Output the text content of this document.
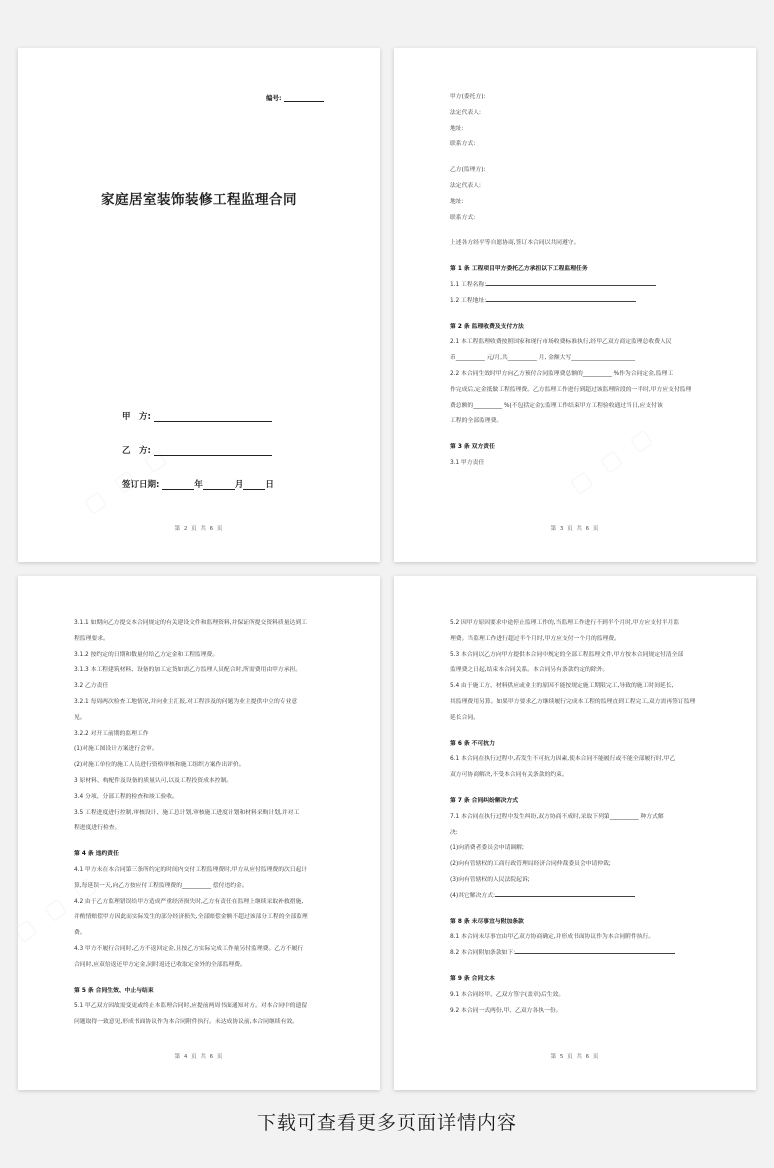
编号:
家庭居室装饰装修工程监理合同
甲　方:
乙　方:
签订日期:	年	月	日
第 2 页 共 6 页

甲方(委托方):

法定代表人:

地址:

联系方式:

乙方(监理方):

法定代表人:

地址:

联系方式:

上述各方经平等自愿协商,签订本合同以共同遵守。

第 1 条 工程项目甲方委托乙方承担以下工程监理任务

1.1 工程名称:

1.2 工程地址:

第 2 条 监理收费及支付方法

2.1 本工程监理收费按照国家和现行市场收费标准执行,经甲乙双方商定监理总收费人民

币__________ 元/月,共__________ 月, 金额大写______________________

2.2 本合同生效时甲方向乙方预付合同监理费总额的__________ %作为合同定金,监理工

作完成后,定金抵做工程监理费。乙方监理工作进行到超过该监理阶段的一半时,甲方应支付监理

费总额的__________ %(不包括定金);监理工作结束甲方工程验收通过当日,应支付该

工程的全部监理费。

第 3 条 双方责任

3.1 甲方责任

第 3 页 共 6 页

3.1.1 如期向乙方提交本合同规定的有关建设文件和监理资料,并保证所提交资料质量达到工

程监理要求。

3.1.2 按约定的日期和数量付给乙方定金和工程监理费。

3.1.3 本工程建筑材料、设备的加工定货如需乙方监理人员配合时,所需费用由甲方承担。

3.2 乙方责任

3.2.1 每周两次检查工地情况,并向业主汇报,对工程涉及的问题为业主提供中立的专业意

见。

3.2.2 对开工前期的监理工作

(1)对施工图设计方案进行会审。

(2)对施工单位的施工人员进行资格审核和施工组织方案作出评价。

3 原材料、构配件及设备的质量认可,以及工程投资成本控制。

3.4 分项、分部工程的检查和竣工验收。

3.5 工程进度进行控制,审核设计、施工总计划,审核施工进度计划和材料采购计划,并对工

程进度进行检查。

第 4 条 违约责任

4.1 甲方未在本合同第三条所约定的时间内交付工程监理费时,甲方从应付监理费的次日起计

算,每延误一天,向乙方按应付工程监理费的__________ 偿付违约金。

4.2 由于乙方监理错误给甲方造成严重经济损失时,乙方有责任在监理上继续采取补救措施,

并酌情赔偿甲方因此而实际发生的部分经济损失,全部赔偿金额不超过该部分工程的全部监理

费。

4.3 甲方不履行合同时,乙方不返回定金,且按乙方实际完成工作量另付监理费。乙方不履行

合同时,应双倍返还甲方定金,同时返还已收取定金外的全部监理费。

第 5 条 合同生效、中止与结束

5.1 甲乙双方因故需变更或终止本监理合同时,应提前两周书面通知对方。对本合同中的遗留

问题取得一致意见,形成书面协议作为本合同附件执行。未达成协议前,本合同继续有效。

第 4 页 共 6 页

5.2 因甲方原因要求中途停止监理工作的,当监理工作进行不到半个月时,甲方应支付半月监

理费。当监理工作进行超过半个月时,甲方应支付一个月的监理费。

5.3 本合同以乙方向甲方提供本合同中规定的全部工程监理文件,甲方按本合同规定付清全部

监理费之日起,结束本合同关系。本合同另有条款约定的除外。

5.4 由于施工方、材料供应或业主的原因不能按规定施工期限完工,导致的施工时间延长,

其监理费用另算。如果甲方要求乙方继续履行完成本工程的监理直到工程完工,双方需再签订监理

延长合同。

第 6 条 不可抗力

6.1 本合同在执行过程中,若发生不可抗力因素,使本合同不能履行或不能全部履行时,甲乙

双方可协商解决,不受本合同有关条款的约束。

第 7 条 合同纠纷解决方式

7.1 本合同在执行过程中发生纠纷,双方协商不成时,采取下列第__________ 种方式解

决:

(1)向消费者委员会申请调解;

(2)向有管辖权的工商行政管理局经济合同仲裁委员会申请仲裁;

(3)向有管辖权的人民法院起诉;

(4)其它解决方式:

第 8 条 未尽事宜与附加条款

8.1 本合同未尽事宜由甲乙双方协商确定,并形成书面协议作为本合同附件执行。

8.2 本合同附加条款如下:

第 9 条 合同文本

9.1 本合同经甲、乙双方签字(盖章)后生效。

9.2 本合同一式两份,甲、乙双方各执一份。

第 5 页 共 6 页
下载可查看更多页面详情内容
